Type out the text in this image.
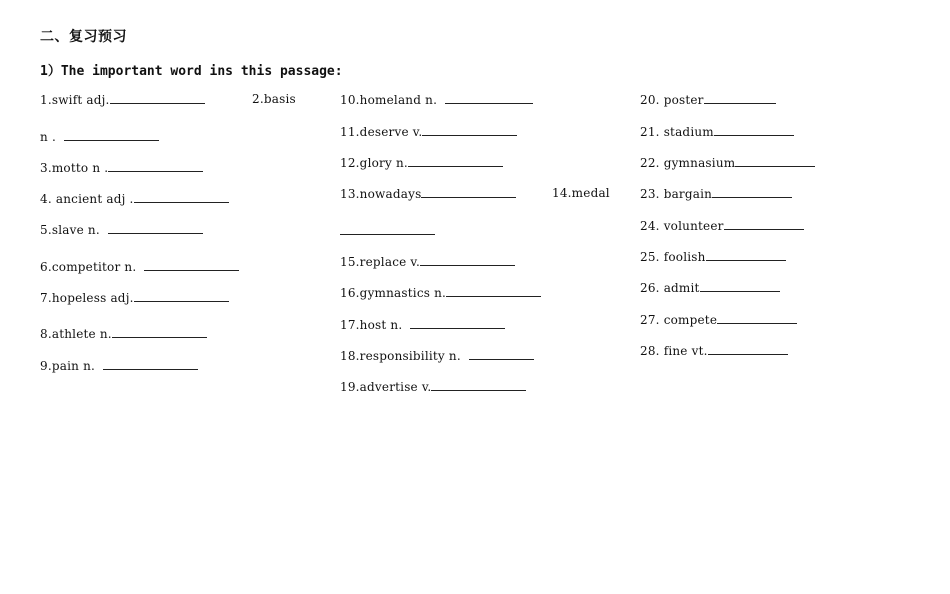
二、复习预习
1）The important word ins this passage:
1.swift adj.	2.basis
n .
3.motto n .
4. ancient adj .
5.slave n.
6.competitor n.
7.hopeless adj.
8.athlete n.
9.pain n.
10.homeland n.
11.deserve v.
12.glory n.
13.nowadays	14.medal
15.replace v.
16.gymnastics n.
17.host n.
18.responsibility n.
19.advertise v.
20. poster
21. stadium
22. gymnasium
23. bargain
24. volunteer
25. foolish
26. admit
27. compete
28. fine vt.
